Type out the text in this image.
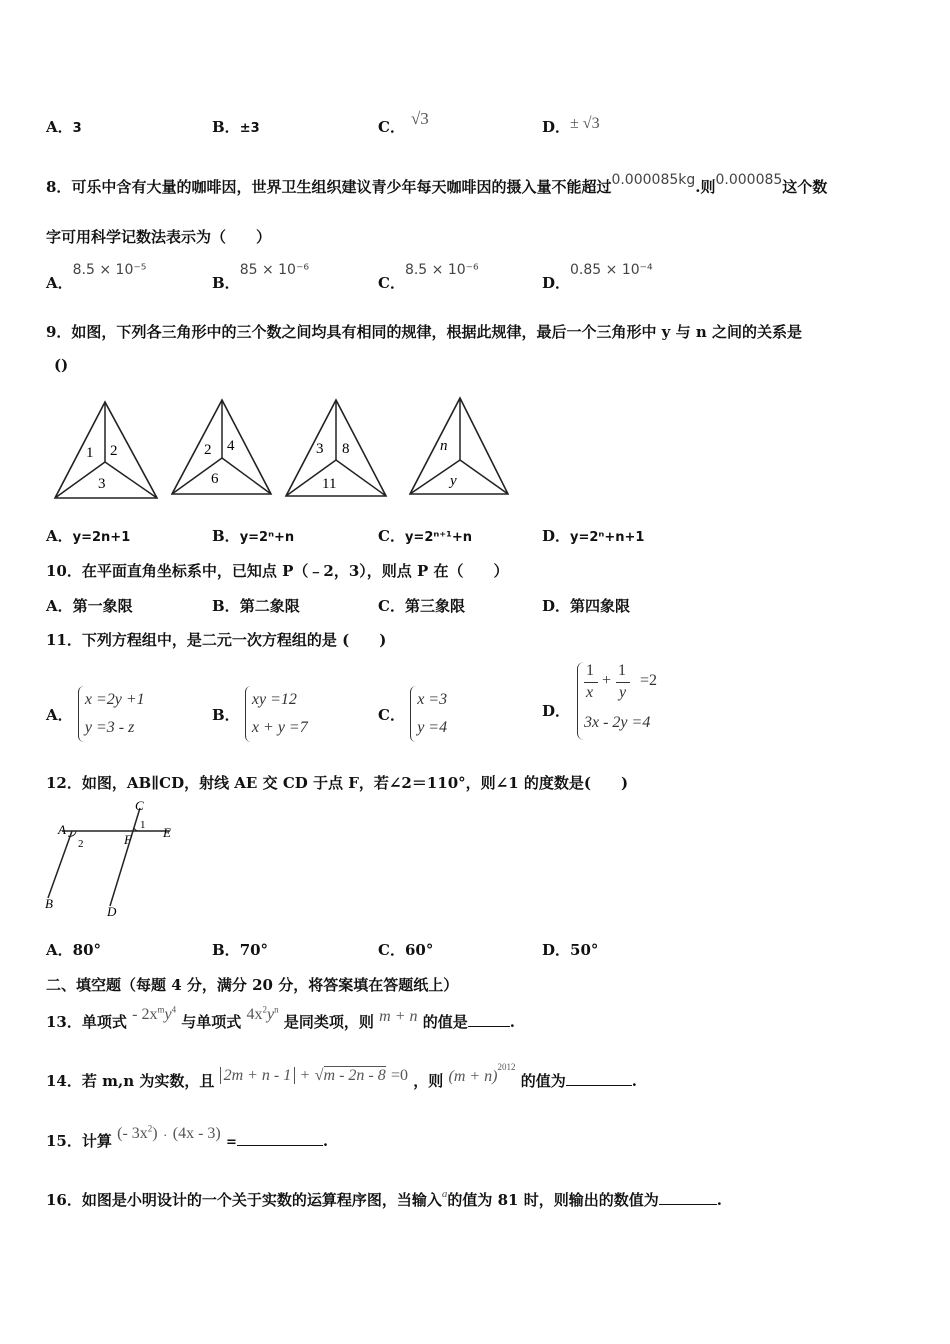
A．3	B．±3	C． √3	D．± √3
8．可乐中含有大量的咖啡因，世界卫生组织建议青少年每天咖啡因的摄入量不能超过0.000085kg.则0.000085这个数
字可用科学记数法表示为（　　）
A．8.5 × 10⁻⁵
B．85 × 10⁻⁶
C．8.5 × 10⁻⁶
D．0.85 × 10⁻⁴
9．如图，下列各三角形中的三个数之间均具有相同的规律，根据此规律，最后一个三角形中 y 与 n 之间的关系是
()
1 2
3
2 4
6
3 8
11
n
y
A．y=2n+1	B．y=2ⁿ+n	C．y=2ⁿ⁺¹+n	D．y=2ⁿ+n+1
10．在平面直角坐标系中，已知点 P（﹣2，3），则点 P 在（　　）
A．第一象限	B．第二象限	C．第三象限	D．第四象限
11．下列方程组中，是二元一次方程组的是 (　　)
A． x =2y +1
y =3 - z
B． xy =12
x + y =7
C． x =3
y =4
D．
1
x
+
1
y
=2
3x - 2y =4
12．如图，AB∥CD，射线 AE 交 CD 于点 F，若∠2＝110°，则∠1 的度数是(　　)
C
A	E
F
B
D
1
2
A．80°	B．70°	C．60°	D．50°
二、填空题（每题 4 分，满分 20 分，将答案填在答题纸上）
13．单项式 - $2x^my^4$ 与单项式 $4x^2y^n$ 是同类项，则 m + n 的值是	.
14．若 m,n 为实数，且 2m + n - 1 + √m - 2n - 8 =0 ，则 $(m + n)^{2012}$ 的值为	.
15．计算 (- $3x^2) \cdot (4x - 3)$ =	.
16．如图是小明设计的一个关于实数的运算程序图，当输入$^a$的值为 81 时，则输出的数值为	.
